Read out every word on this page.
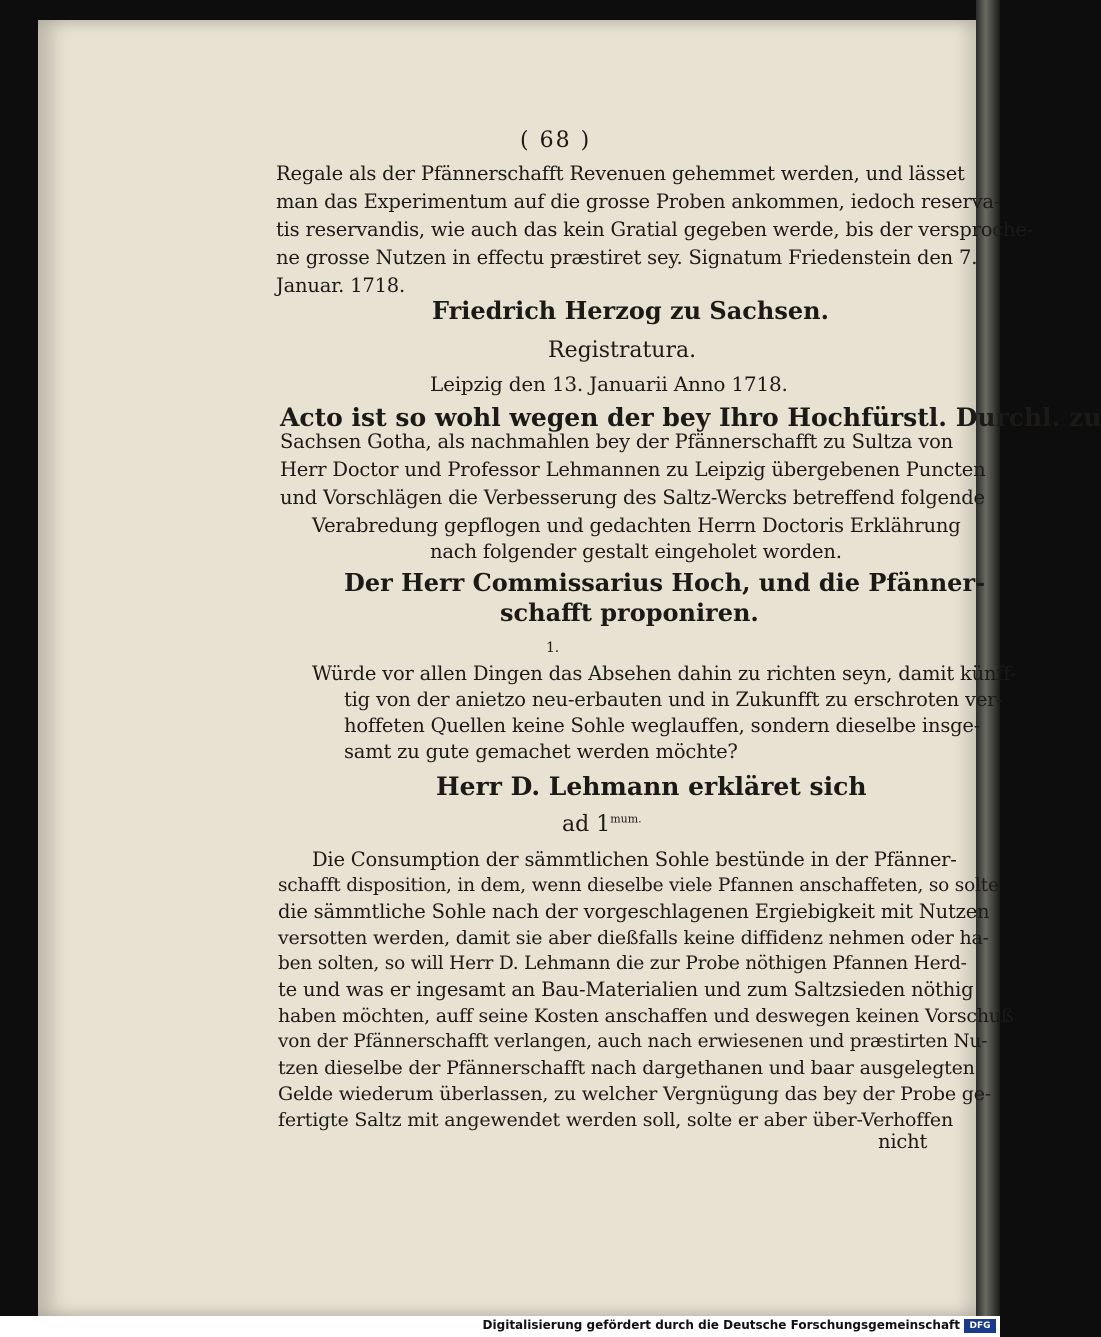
( 68 )
Regale als der Pfännerschafft Revenuen gehemmet werden, und lässet
man das Experimentum auf die grosse Proben ankommen, iedoch reserva-
tis reservandis, wie auch das kein Gratial gegeben werde, bis der versproche-
ne grosse Nutzen in effectu præstiret sey. Signatum Friedenstein den 7.
Januar. 1718.
Friedrich Herzog zu Sachsen.
Registratura.
Leipzig den 13. Januarii Anno 1718.
Acto ist so wohl wegen der bey Ihro Hochfürstl. Durchl. zu
Sachsen Gotha, als nachmahlen bey der Pfännerschafft zu Sultza von
Herr Doctor und Professor Lehmannen zu Leipzig übergebenen Puncten
und Vorschlägen die Verbesserung des Saltz-Wercks betreffend folgende
Verabredung gepflogen und gedachten Herrn Doctoris Erklährung
nach folgender gestalt eingeholet worden.
Der Herr Commissarius Hoch, und die Pfänner-
schafft proponiren.
1.
Würde vor allen Dingen das Absehen dahin zu richten seyn, damit künff-
tig von der anietzo neu-erbauten und in Zukunfft zu erschroten ver-
hoffeten Quellen keine Sohle weglauffen, sondern dieselbe insge-
samt zu gute gemachet werden möchte?
Herr D. Lehmann erkläret sich
ad $1^{mum.}$
Die Consumption der sämmtlichen Sohle bestünde in der Pfänner-
schafft disposition, in dem, wenn dieselbe viele Pfannen anschaffeten, so solte
die sämmtliche Sohle nach der vorgeschlagenen Ergiebigkeit mit Nutzen
versotten werden, damit sie aber dießfalls keine diffidenz nehmen oder ha-
ben solten, so will Herr D. Lehmann die zur Probe nöthigen Pfannen Herd-
te und was er ingesamt an Bau-Materialien und zum Saltzsieden nöthig
haben möchten, auff seine Kosten anschaffen und deswegen keinen Vorschuß
von der Pfännerschafft verlangen, auch nach erwiesenen und præstirten Nu-
tzen dieselbe der Pfännerschafft nach dargethanen und baar ausgelegten
Gelde wiederum überlassen, zu welcher Vergnügung das bey der Probe ge-
fertigte Saltz mit angewendet werden soll, solte er aber über-Verhoffen
nicht
Digitalisierung gefördert durch die Deutsche Forschungsgemeinschaft	DFG
